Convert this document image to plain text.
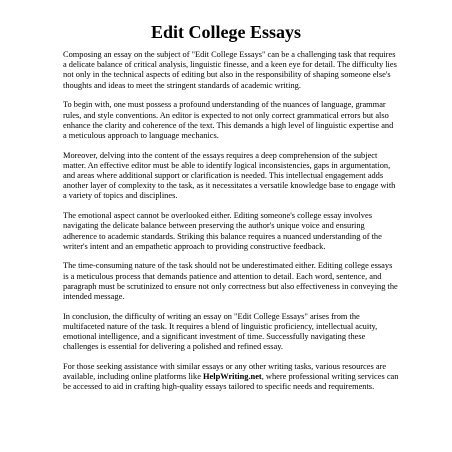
Edit College Essays

Composing an essay on the subject of "Edit College Essays" can be a challenging task that requires a delicate balance of critical analysis, linguistic finesse, and a keen eye for detail. The difficulty lies not only in the technical aspects of editing but also in the responsibility of shaping someone else's thoughts and ideas to meet the stringent standards of academic writing.

To begin with, one must possess a profound understanding of the nuances of language, grammar rules, and style conventions. An editor is expected to not only correct grammatical errors but also enhance the clarity and coherence of the text. This demands a high level of linguistic expertise and a meticulous approach to language mechanics.

Moreover, delving into the content of the essays requires a deep comprehension of the subject matter. An effective editor must be able to identify logical inconsistencies, gaps in argumentation, and areas where additional support or clarification is needed. This intellectual engagement adds another layer of complexity to the task, as it necessitates a versatile knowledge base to engage with a variety of topics and disciplines.

The emotional aspect cannot be overlooked either. Editing someone's college essay involves navigating the delicate balance between preserving the author's unique voice and ensuring adherence to academic standards. Striking this balance requires a nuanced understanding of the writer's intent and an empathetic approach to providing constructive feedback.

The time-consuming nature of the task should not be underestimated either. Editing college essays is a meticulous process that demands patience and attention to detail. Each word, sentence, and paragraph must be scrutinized to ensure not only correctness but also effectiveness in conveying the intended message.

In conclusion, the difficulty of writing an essay on "Edit College Essays" arises from the multifaceted nature of the task. It requires a blend of linguistic proficiency, intellectual acuity, emotional intelligence, and a significant investment of time. Successfully navigating these challenges is essential for delivering a polished and refined essay.

For those seeking assistance with similar essays or any other writing tasks, various resources are available, including online platforms like HelpWriting.net, where professional writing services can be accessed to aid in crafting high-quality essays tailored to specific needs and requirements.
